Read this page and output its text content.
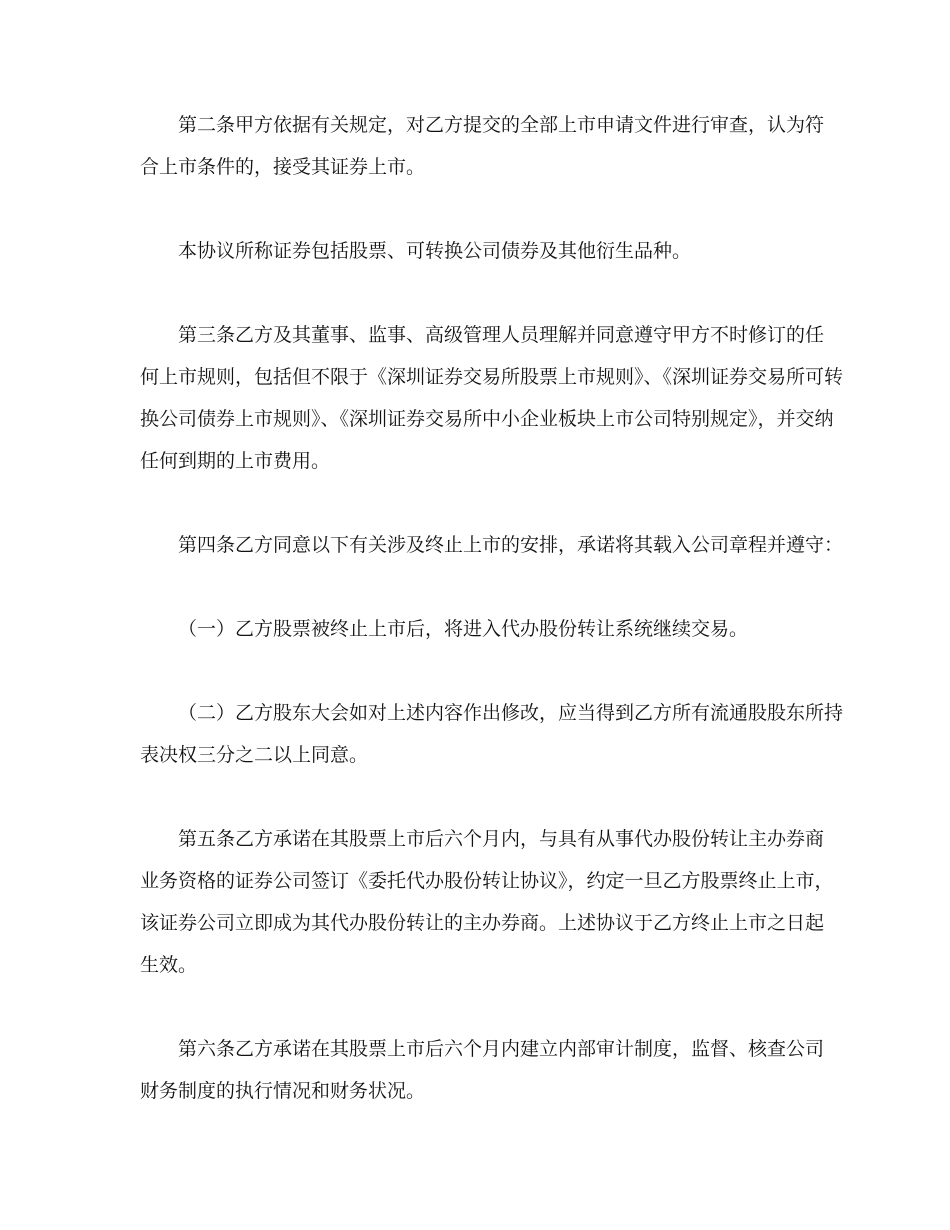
第二条甲方依据有关规定，对乙方提交的全部上市申请文件进行审查，认为符
合上市条件的，接受其证券上市。
本协议所称证券包括股票、可转换公司债券及其他衍生品种。
第三条乙方及其董事、监事、高级管理人员理解并同意遵守甲方不时修订的任
何上市规则，包括但不限于《深圳证券交易所股票上市规则》、《深圳证券交易所可转
换公司债券上市规则》、《深圳证券交易所中小企业板块上市公司特别规定》，并交纳
任何到期的上市费用。
第四条乙方同意以下有关涉及终止上市的安排，承诺将其载入公司章程并遵守：
（一）乙方股票被终止上市后，将进入代办股份转让系统继续交易。
（二）乙方股东大会如对上述内容作出修改，应当得到乙方所有流通股股东所持
表决权三分之二以上同意。
第五条乙方承诺在其股票上市后六个月内，与具有从事代办股份转让主办券商
业务资格的证券公司签订《委托代办股份转让协议》，约定一旦乙方股票终止上市，
该证券公司立即成为其代办股份转让的主办券商。上述协议于乙方终止上市之日起
生效。
第六条乙方承诺在其股票上市后六个月内建立内部审计制度，监督、核查公司
财务制度的执行情况和财务状况。
